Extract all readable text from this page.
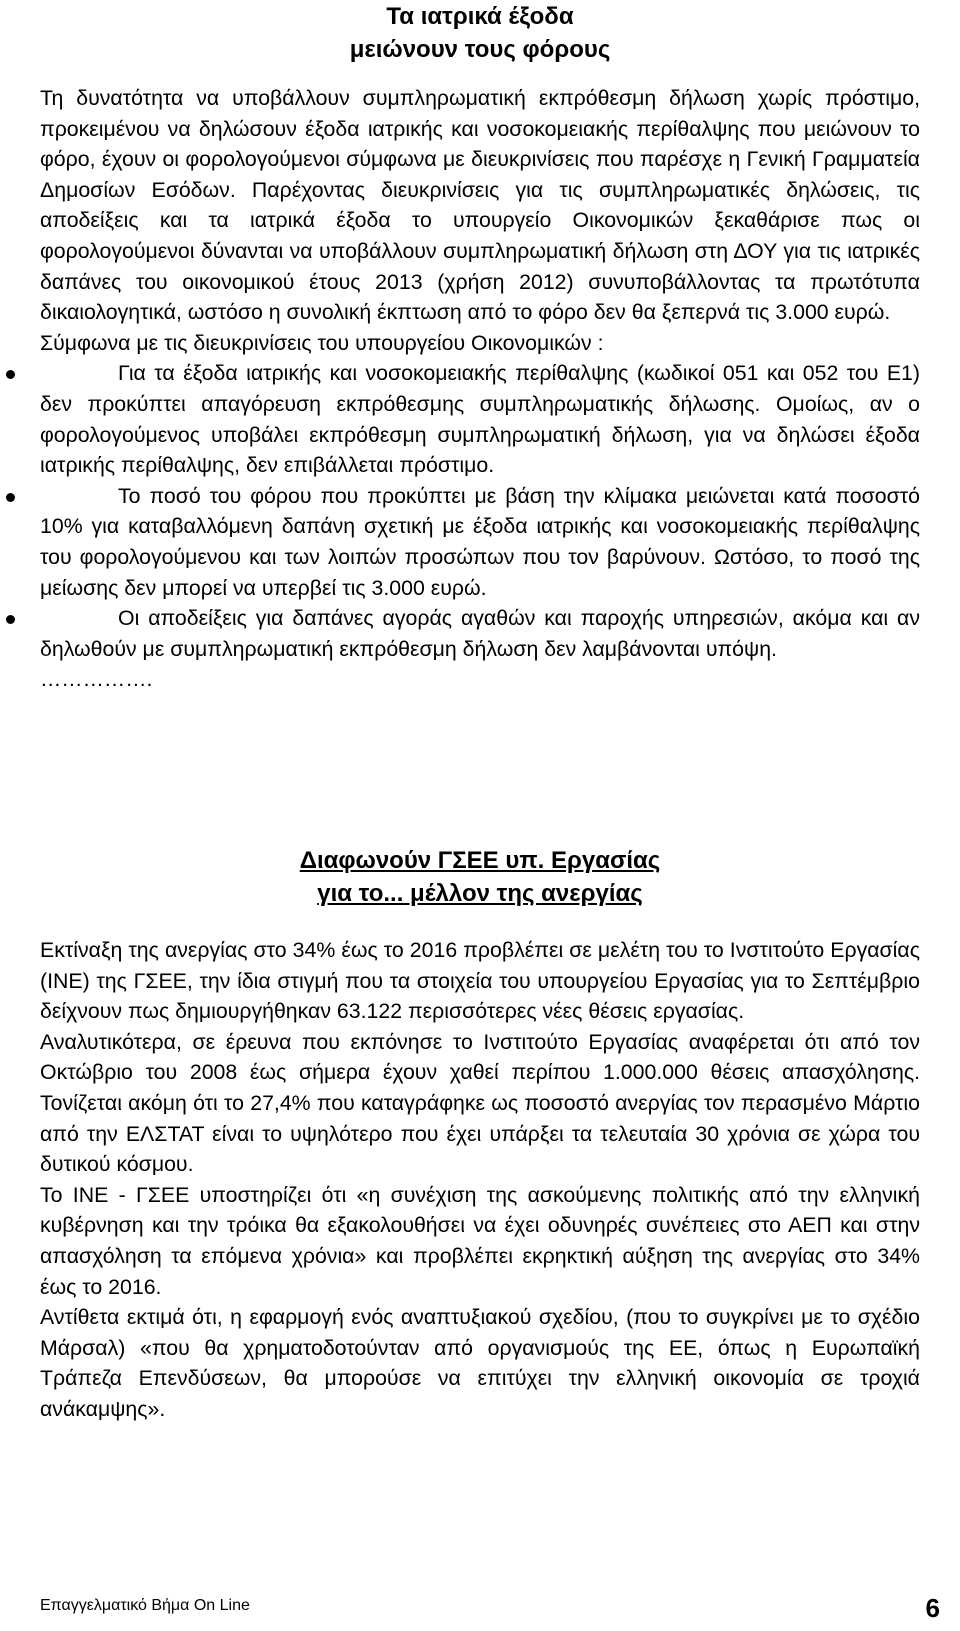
Τα ιατρικά έξοδα
μειώνουν τους φόρους

Τη δυνατότητα να υποβάλλουν συμπληρωματική εκπρόθεσμη δήλωση χωρίς πρόστιμο, προκειμένου να δηλώσουν έξοδα ιατρικής και νοσοκομειακής περίθαλψης που μειώνουν το φόρο, έχουν οι φορολογούμενοι σύμφωνα με διευκρινίσεις που παρέσχε η Γενική Γραμματεία Δημοσίων Εσόδων. Παρέχοντας διευκρινίσεις για τις συμπληρωματικές δηλώσεις, τις αποδείξεις και τα ιατρικά έξοδα το υπουργείο Οικονομικών ξεκαθάρισε πως οι φορολογούμενοι δύνανται να υποβάλλουν συμπληρωματική δήλωση στη ΔΟΥ για τις ιατρικές δαπάνες του οικονομικού έτους 2013 (χρήση 2012) συνυποβάλλοντας τα πρωτότυπα δικαιολογητικά, ωστόσο η συνολική έκπτωση από το φόρο δεν θα ξεπερνά τις 3.000 ευρώ.

Σύμφωνα με τις διευκρινίσεις του υπουργείου Οικονομικών :

Για τα έξοδα ιατρικής και νοσοκομειακής περίθαλψης (κωδικοί 051 και 052 του Ε1) δεν προκύπτει απαγόρευση εκπρόθεσμης συμπληρωματικής δήλωσης. Ομοίως, αν ο φορολογούμενος υποβάλει εκπρόθεσμη συμπληρωματική δήλωση, για να δηλώσει έξοδα ιατρικής περίθαλψης, δεν επιβάλλεται πρόστιμο.
Το ποσό του φόρου που προκύπτει με βάση την κλίμακα μειώνεται κατά ποσοστό 10% για καταβαλλόμενη δαπάνη σχετική με έξοδα ιατρικής και νοσοκομειακής περίθαλψης του φορολογούμενου και των λοιπών προσώπων που τον βαρύνουν. Ωστόσο, το ποσό της μείωσης δεν μπορεί να υπερβεί τις 3.000 ευρώ.
Οι αποδείξεις για δαπάνες αγοράς αγαθών και παροχής υπηρεσιών, ακόμα και αν δηλωθούν με συμπληρωματική εκπρόθεσμη δήλωση δεν λαμβάνονται υπόψη.

…………….

Διαφωνούν ΓΣΕΕ υπ. Εργασίας
για το... μέλλον της ανεργίας

Εκτίναξη της ανεργίας στο 34% έως το 2016 προβλέπει σε μελέτη του το Ινστιτούτο Εργασίας (ΙΝΕ) της ΓΣΕΕ, την ίδια στιγμή που τα στοιχεία του υπουργείου Εργασίας για το Σεπτέμβριο δείχνουν πως δημιουργήθηκαν 63.122 περισσότερες νέες θέσεις εργασίας.

Αναλυτικότερα, σε έρευνα που εκπόνησε το Ινστιτούτο Εργασίας αναφέρεται ότι από τον Οκτώβριο του 2008 έως σήμερα έχουν χαθεί περίπου 1.000.000 θέσεις απασχόλησης. Τονίζεται ακόμη ότι το 27,4% που καταγράφηκε ως ποσοστό ανεργίας τον περασμένο Μάρτιο από την ΕΛΣΤΑΤ είναι το υψηλότερο που έχει υπάρξει τα τελευταία 30 χρόνια σε χώρα του δυτικού κόσμου.

Το ΙΝΕ - ΓΣΕΕ υποστηρίζει ότι «η συνέχιση της ασκούμενης πολιτικής από την ελληνική κυβέρνηση και την τρόικα θα εξακολουθήσει να έχει οδυνηρές συνέπειες στο ΑΕΠ και στην απασχόληση τα επόμενα χρόνια» και προβλέπει εκρηκτική αύξηση της ανεργίας στο 34% έως το 2016.

Αντίθετα εκτιμά ότι, η εφαρμογή ενός αναπτυξιακού σχεδίου, (που το συγκρίνει με το σχέδιο Μάρσαλ) «που θα χρηματοδοτούνταν από οργανισμούς της ΕΕ, όπως η Ευρωπαϊκή Τράπεζα Επενδύσεων, θα μπορούσε να επιτύχει την ελληνική οικονομία σε τροχιά ανάκαμψης».

Επαγγελματικό Βήμα On Line	6
